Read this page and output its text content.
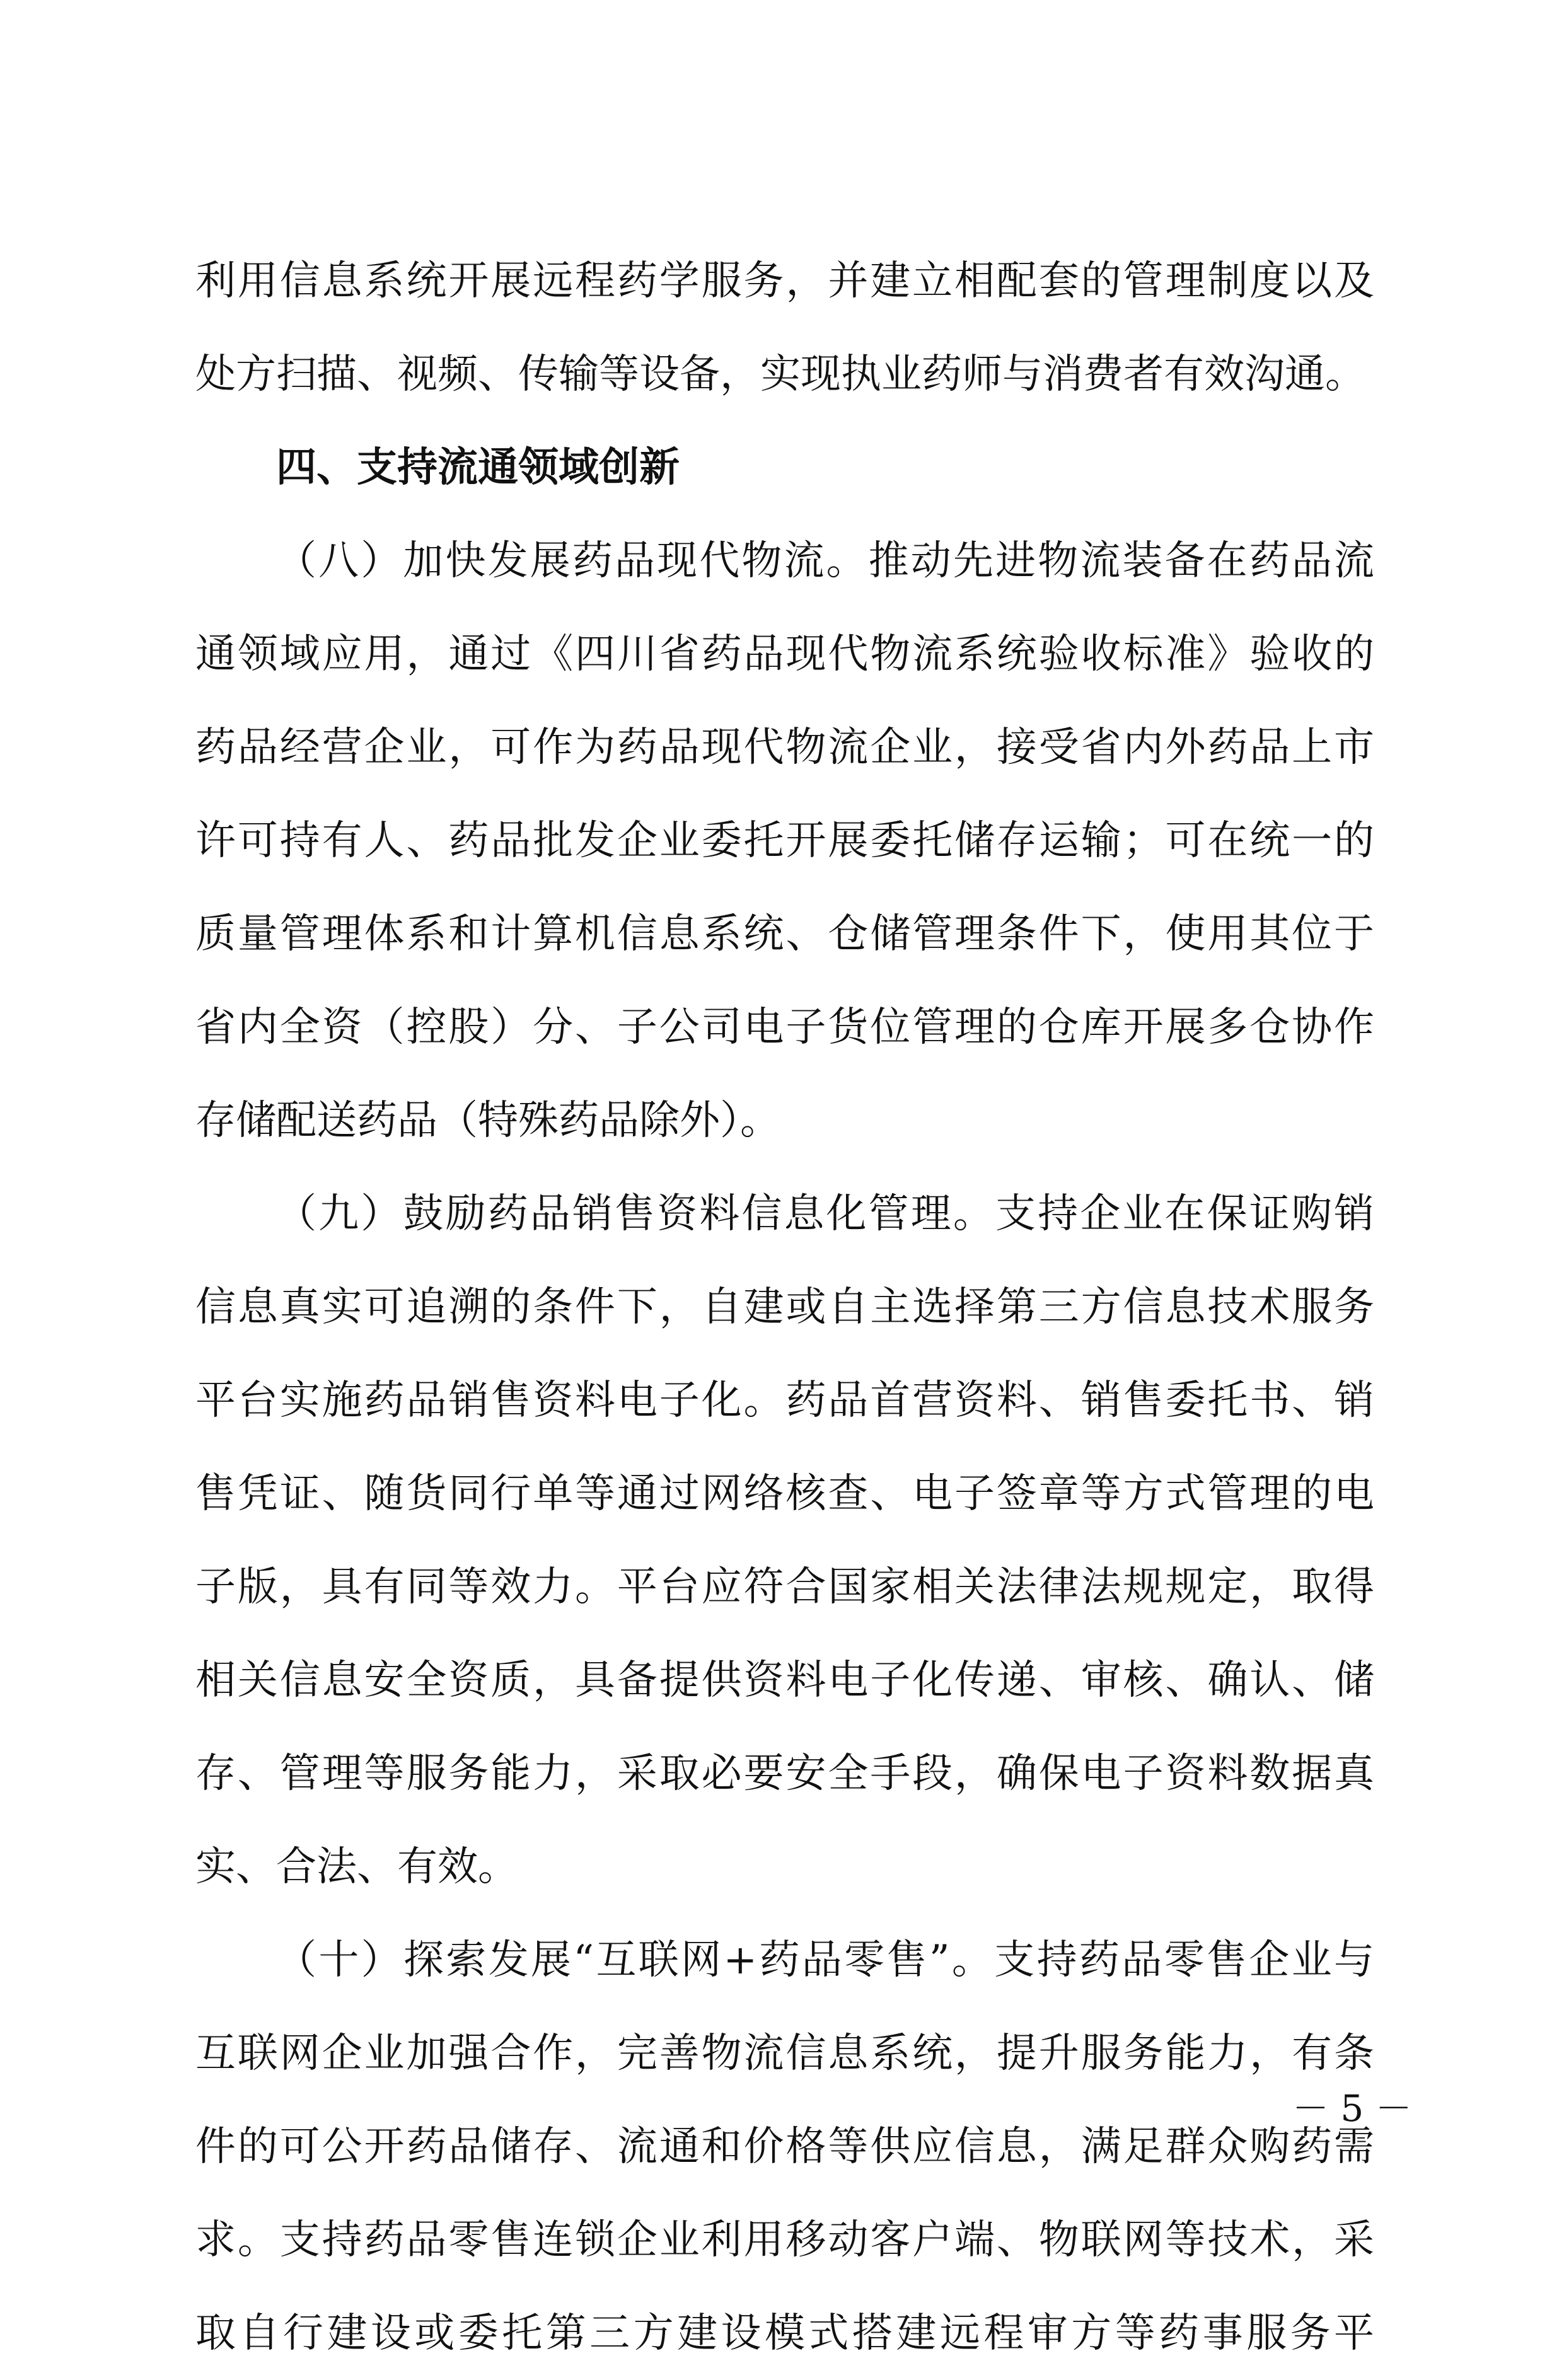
利用信息系统开展远程药学服务，并建立相配套的管理制度以及
处方扫描、视频、传输等设备，实现执业药师与消费者有效沟通。
四、支持流通领域创新
（八）加快发展药品现代物流。推动先进物流装备在药品流
通领域应用，通过《四川省药品现代物流系统验收标准》验收的
药品经营企业，可作为药品现代物流企业，接受省内外药品上市
许可持有人、药品批发企业委托开展委托储存运输；可在统一的
质量管理体系和计算机信息系统、仓储管理条件下，使用其位于
省内全资（控股）分、子公司电子货位管理的仓库开展多仓协作
存储配送药品（特殊药品除外）。
（九）鼓励药品销售资料信息化管理。支持企业在保证购销
信息真实可追溯的条件下，自建或自主选择第三方信息技术服务
平台实施药品销售资料电子化。药品首营资料、销售委托书、销
售凭证、随货同行单等通过网络核查、电子签章等方式管理的电
子版，具有同等效力。平台应符合国家相关法律法规规定，取得
相关信息安全资质，具备提供资料电子化传递、审核、确认、储
存、管理等服务能力，采取必要安全手段，确保电子资料数据真
实、合法、有效。
（十）探索发展“互联网+药品零售”。支持药品零售企业与
互联网企业加强合作，完善物流信息系统，提升服务能力，有条
件的可公开药品储存、流通和价格等供应信息，满足群众购药需
求。支持药品零售连锁企业利用移动客户端、物联网等技术，采
取自行建设或委托第三方建设模式搭建远程审方等药事服务平
－ 5 －
